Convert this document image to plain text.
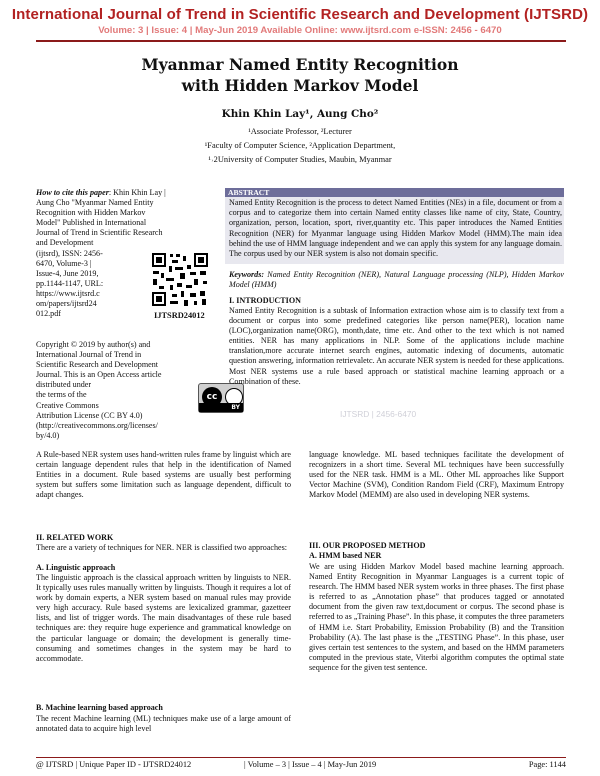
International Journal of Trend in Scientific Research and Development (IJTSRD)
Volume: 3 | Issue: 4 | May-Jun 2019 Available Online: www.ijtsrd.com e-ISSN: 2456 - 6470
Myanmar Named Entity Recognition
with Hidden Markov Model
Khin Khin Lay¹, Aung Cho²
¹Associate Professor, ²Lecturer
¹Faculty of Computer Science, ²Application Department,
¹˒2University of Computer Studies, Maubin, Myanmar
How to cite this paper: Khin Khin Lay |
Aung Cho "Myanmar Named Entity
Recognition with Hidden Markov
Model" Published in International
Journal of Trend in Scientific Research
and Development
(ijtsrd), ISSN: 2456-
6470, Volume-3 |
Issue-4, June 2019,
pp.1144-1147, URL:
https://www.ijtsrd.c
om/papers/ijtsrd24
012.pdf	IJTSRD24012
Copyright © 2019 by author(s) and
International Journal of Trend in
Scientific Research and Development
Journal. This is an Open Access article
distributed under
the terms of the
Creative Commons
Attribution License (CC BY 4.0)
(http://creativecommons.org/licenses/
by/4.0)
cc
BY
ABSTRACT
Named Entity Recognition is the process to detect Named Entities (NEs) in a file, document or from a corpus and to categorize them into certain Named entity classes like name of city, State, Country, organization, person, location, sport, river,quantity etc. This paper introduces the Named Entities Recognition (NER) for Myanmar language using Hidden Markov Model (HMM).The main idea behind the use of HMM language independent and we can apply this system for any language domain. The corpus used by our NER system is also not domain specific.
Keywords: Named Entity Recognition (NER), Natural Language processing (NLP), Hidden Markov Model (HMM)
I. INTRODUCTION
Named Entity Recognition is a subtask of Information extraction whose aim is to classify text from a document or corpus into some predefined categories like person name(PER), location name (LOC),organization name(ORG), month,date, time etc. And other to the text which is not named entities. NER has many applications in NLP. Some of the applications include machine translation,more accurate internet search engines, automatic indexing of documents, automatic question answering, information retrievaletc. An accurate NER system is needed for these applications. Most NER systems use a rule based approach or statistical machine learning approach or a Combination of these.
IJTSRD | 2456-6470
A Rule-based NER system uses hand-written rules frame by linguist which are certain language dependent rules that help in the identification of Named Entities in a document. Rule based systems are usually best performing system but suffers some limitation such as language dependent, difficult to adapt changes.
II. RELATED WORK
There are a variety of techniques for NER. NER is classified two approaches:
A. Linguistic approach
The linguistic approach is the classical approach written by linguists to NER. It typically uses rules manually written by linguists. Though it requires a lot of work by domain experts, a NER system based on manual rules may provide very high accuracy. Rule based systems are lexicalized grammar, gazetteer lists, and list of trigger words. The main disadvantages of these rule based techniques are: they require huge experience and grammatical knowledge on the particular language or domain; the development is generally time-consuming and sometimes changes in the system may be hard to accommodate.
B. Machine learning based approach
The recent Machine learning (ML) techniques make use of a large amount of annotated data to acquire high level
language knowledge. ML based techniques facilitate the development of recognizers in a short time. Several ML techniques have been successfully used for the NER task. HMM is a ML. Other ML approaches like Support Vector Machine (SVM), Condition Random Field (CRF), Maximum Entropy Markov Model (MEMM) are also used in developing NER systems.
III. OUR PROPOSED METHOD
A. HMM based NER
We are using Hidden Markov Model based machine learning approach. Named Entity Recognition in Myanmar Languages is a current topic of research. The HMM based NER system works in three phases. The first phase is referred to as „Annotation phase” that produces tagged or annotated document from the given raw text,document or corpus. The second phase is referred to as „Training Phase”. In this phase, it computes the three parameters of HMM i.e. Start Probability, Emission Probability (B) and the Transition Probability (A). The last phase is the „TESTING Phase”. In this phase, user gives certain test sentences to the system, and based on the HMM parameters computed in the previous state, Viterbi algorithm computes the optimal state sequence for the given test sentence.
@ IJTSRD | Unique Paper ID - IJTSRD24012	| Volume – 3 | Issue – 4 | May-Jun 2019	Page: 1144
